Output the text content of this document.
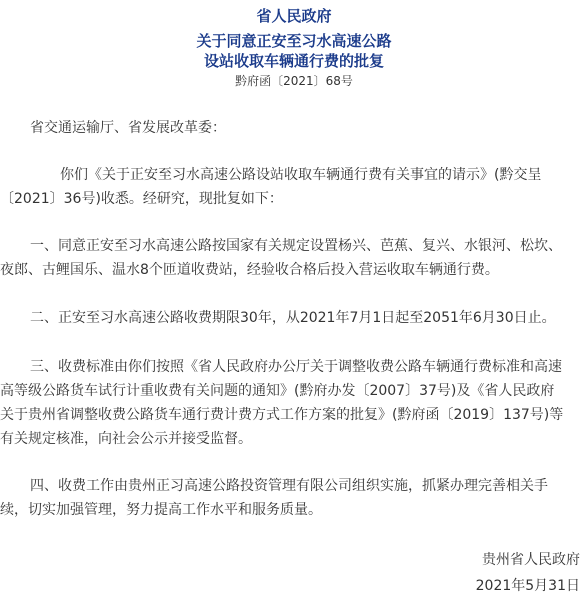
省人民政府
关于同意正安至习水高速公路
设站收取车辆通行费的批复
黔府函〔2021〕68号
省交通运输厅、省发展改革委：
你们《关于正安至习水高速公路设站收取车辆通行费有关事宜的请示》(黔交呈
〔2021〕36号)收悉。经研究，现批复如下：
一、同意正安至习水高速公路按国家有关规定设置杨兴、芭蕉、复兴、水银河、松坎、
夜郎、古鲤国乐、温水8个匝道收费站，经验收合格后投入营运收取车辆通行费。
二、正安至习水高速公路收费期限30年，从2021年7月1日起至2051年6月30日止。
三、收费标准由你们按照《省人民政府办公厅关于调整收费公路车辆通行费标准和高速
高等级公路货车试行计重收费有关问题的通知》(黔府办发〔2007〕37号)及《省人民政府
关于贵州省调整收费公路货车通行费计费方式工作方案的批复》(黔府函〔2019〕137号)等
有关规定核准，向社会公示并接受监督。
四、收费工作由贵州正习高速公路投资管理有限公司组织实施，抓紧办理完善相关手
续，切实加强管理，努力提高工作水平和服务质量。
贵州省人民政府
2021年5月31日
